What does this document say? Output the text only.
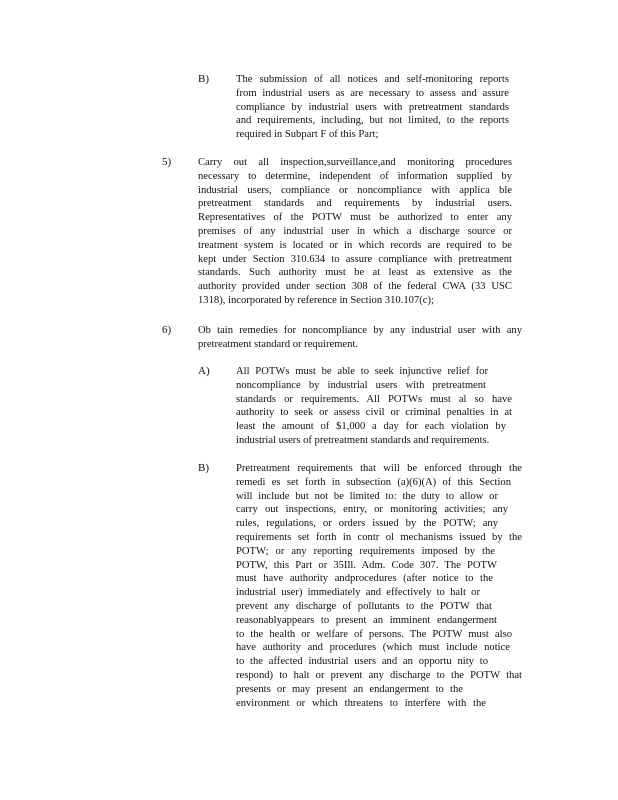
B)	The submission of all notices and self-monitoring reports
from industrial users as are necessary to assess and assure
compliance by industrial users with pretreatment standards
and requirements, including, but not limited, to the reports
required in Subpart F of this Part;
5)	Carry out all inspection,surveillance,and monitoring procedures
necessary to determine, independent of information supplied by
industrial users, compliance or noncompliance with applica ble
pretreatment standards and requirements by industrial users.
Representatives of the POTW must be authorized to enter any
premises of any industrial user in which a discharge source or
treatment system is located or in which records are required to be
kept under Section 310.634 to assure compliance with pretreatment
standards. Such authority must be at least as extensive as the
authority provided under section 308 of the federal CWA (33 USC
1318), incorporated by reference in Section 310.107(c);
6)	Ob tain remedies for noncompliance by any industrial user with any
pretreatment standard or requirement.
A) All POTWs must be able to seek injunctive relief for
noncompliance by industrial users with pretreatment
standards or requirements. All POTWs must al so have
authority to seek or assess civil or criminal penalties in at
least the amount of $1,000 a day for each violation by
industrial users of pretreatment standards and requirements.
B)	Pretreatment requirements that will be enforced through the
remedi es set forth in subsection (a)(6)(A) of this Section
will include but not be limited to: the duty to allow or
carry out inspections, entry, or monitoring activities; any
rules, regulations, or orders issued by the POTW; any
requirements set forth in contr ol mechanisms issued by the
POTW; or any reporting requirements imposed by the
POTW, this Part or 35Ill. Adm. Code 307. The POTW
must have authority andprocedures (after notice to the
industrial user) immediately and effectively to halt or
prevent any discharge of pollutants to the POTW that
reasonablyappears to present an imminent endangerment
to the health or welfare of persons. The POTW must also
have authority and procedures (which must include notice
to the affected industrial users and an opportu nity to
respond) to halt or prevent any discharge to the POTW that
presents or may present an endangerment to the
environment or which threatens to interfere with the
